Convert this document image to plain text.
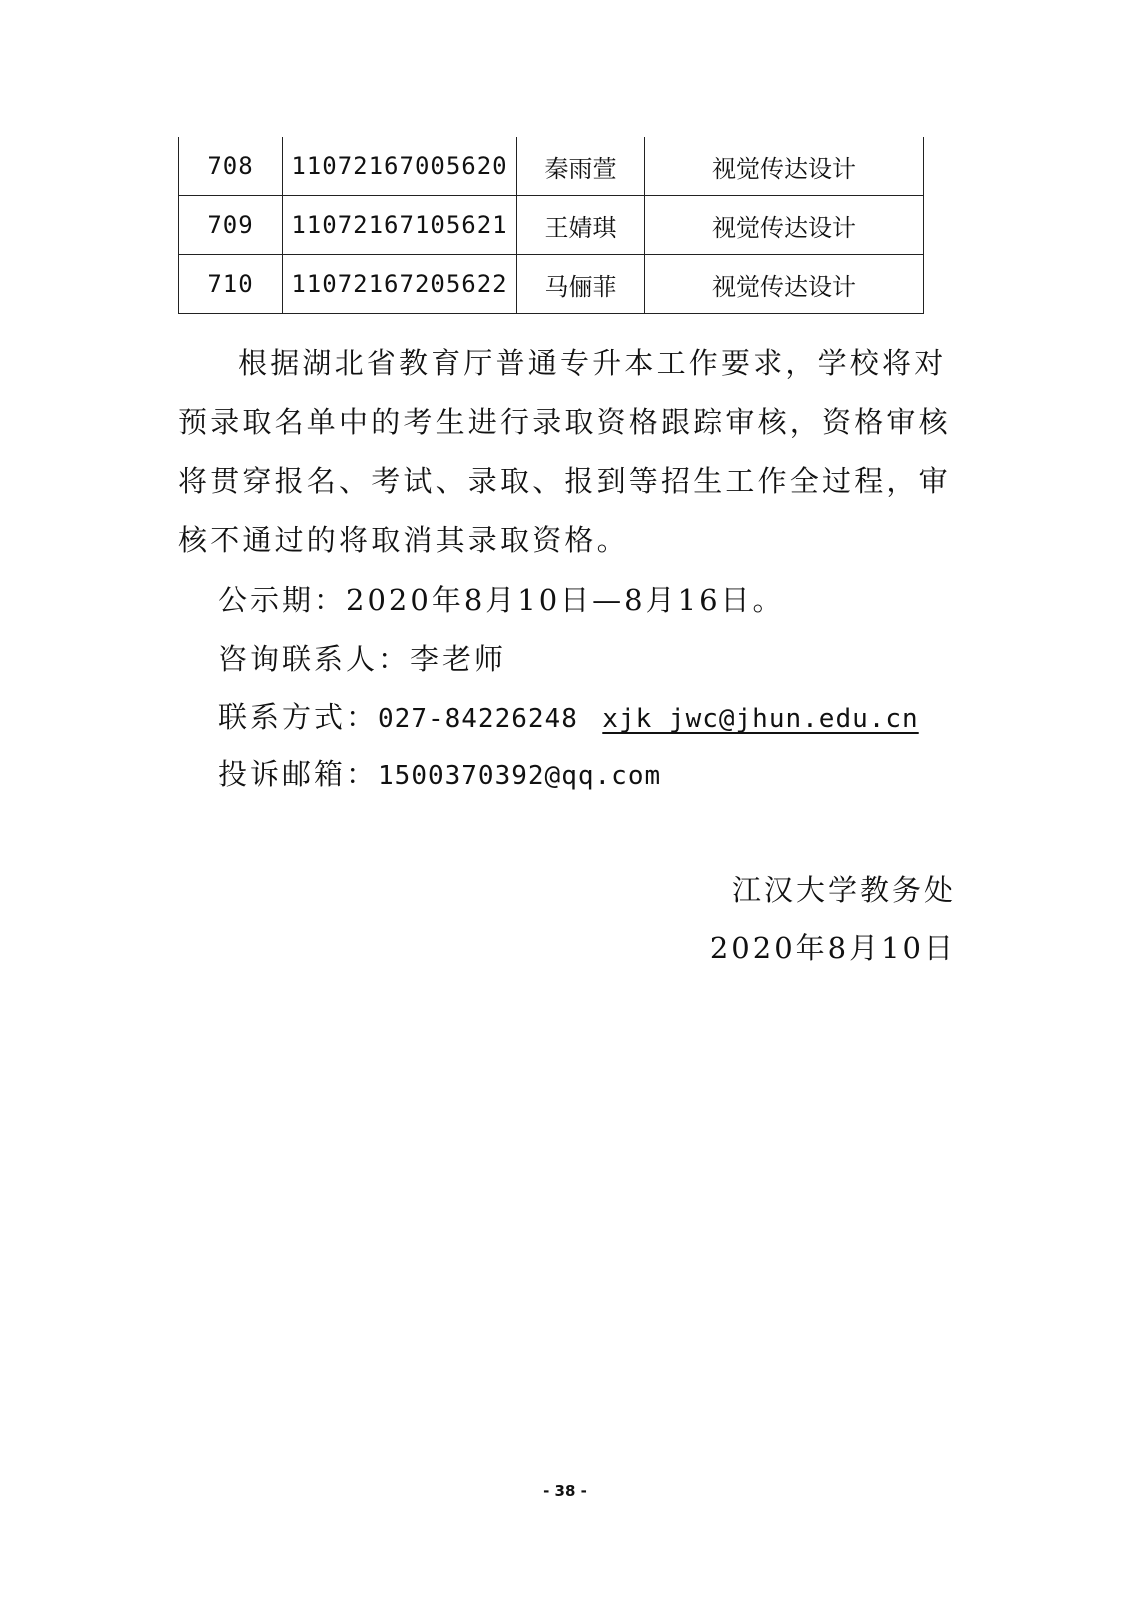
708	11072167005620	秦雨萱	视觉传达设计
709	11072167105621	王婧琪	视觉传达设计
710	11072167205622	马俪菲	视觉传达设计

根据湖北省教育厅普通专升本工作要求，学校将对预录取名单中的考生进行录取资格跟踪审核，资格审核将贯穿报名、考试、录取、报到等招生工作全过程，审核不通过的将取消其录取资格。

公示期：2020年8月10日—8月16日。

咨询联系人：李老师

联系方式：027-84226248 xjk_jwc@jhun.edu.cn

投诉邮箱：1500370392@qq.com

江汉大学教务处

2020年8月10日

- 38 -
